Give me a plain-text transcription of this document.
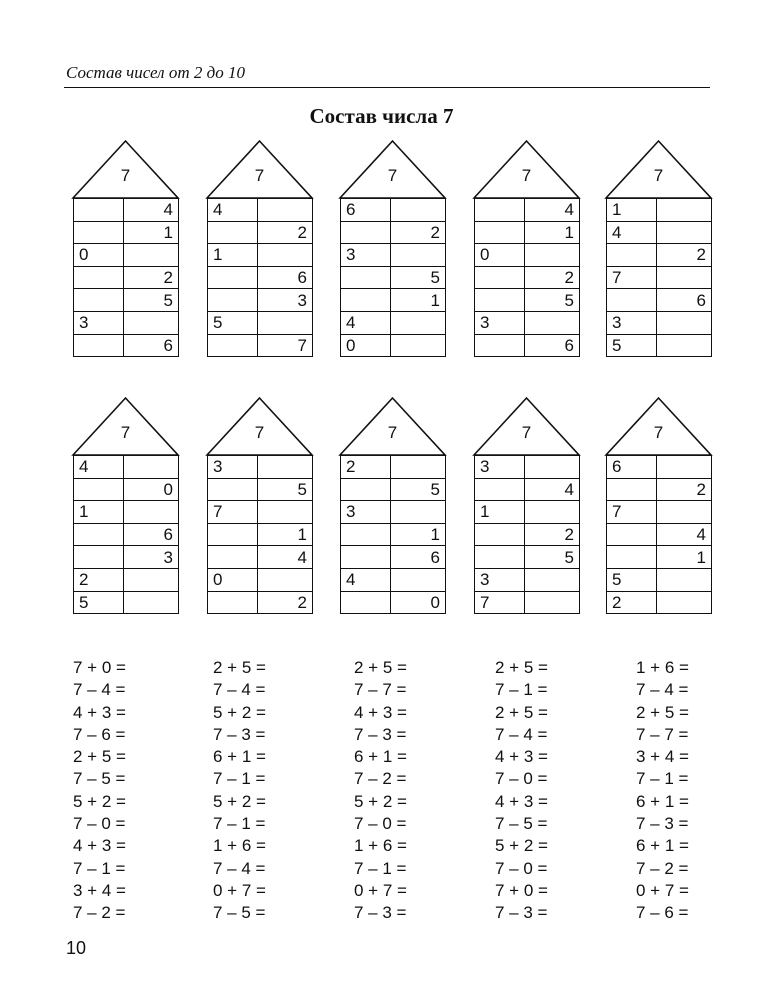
Состав чисел от 2 до 10
Состав числа 7
7
	4
	1
0	
	2
	5
3	
	6
7
4	
	2
1	
	6
	3
5	
	7
7
6	
	2
3	
	5
	1
4	
0	
7
	4
	1
0	
	2
	5
3	
	6
7
1	
4	
	2
7	
	6
3	
5	
7
4	
	0
1	
	6
	3
2	
5	
7
3	
	5
7	
	1
	4
0	
	2
7
2	
	5
3	
	1
	6
4	
	0
7
3	
	4
1	
	2
	5
3	
7	
7
6	
	2
7	
	4
	1
5	
2	
7 + 0 =
7 – 4 =
4 + 3 =
7 – 6 =
2 + 5 =
7 – 5 =
5 + 2 =
7 – 0 =
4 + 3 =
7 – 1 =
3 + 4 =
7 – 2 =
2 + 5 =
7 – 4 =
5 + 2 =
7 – 3 =
6 + 1 =
7 – 1 =
5 + 2 =
7 – 1 =
1 + 6 =
7 – 4 =
0 + 7 =
7 – 5 =
2 + 5 =
7 – 7 =
4 + 3 =
7 – 3 =
6 + 1 =
7 – 2 =
5 + 2 =
7 – 0 =
1 + 6 =
7 – 1 =
0 + 7 =
7 – 3 =
2 + 5 =
7 – 1 =
2 + 5 =
7 – 4 =
4 + 3 =
7 – 0 =
4 + 3 =
7 – 5 =
5 + 2 =
7 – 0 =
7 + 0 =
7 – 3 =
1 + 6 =
7 – 4 =
2 + 5 =
7 – 7 =
3 + 4 =
7 – 1 =
6 + 1 =
7 – 3 =
6 + 1 =
7 – 2 =
0 + 7 =
7 – 6 =
10
